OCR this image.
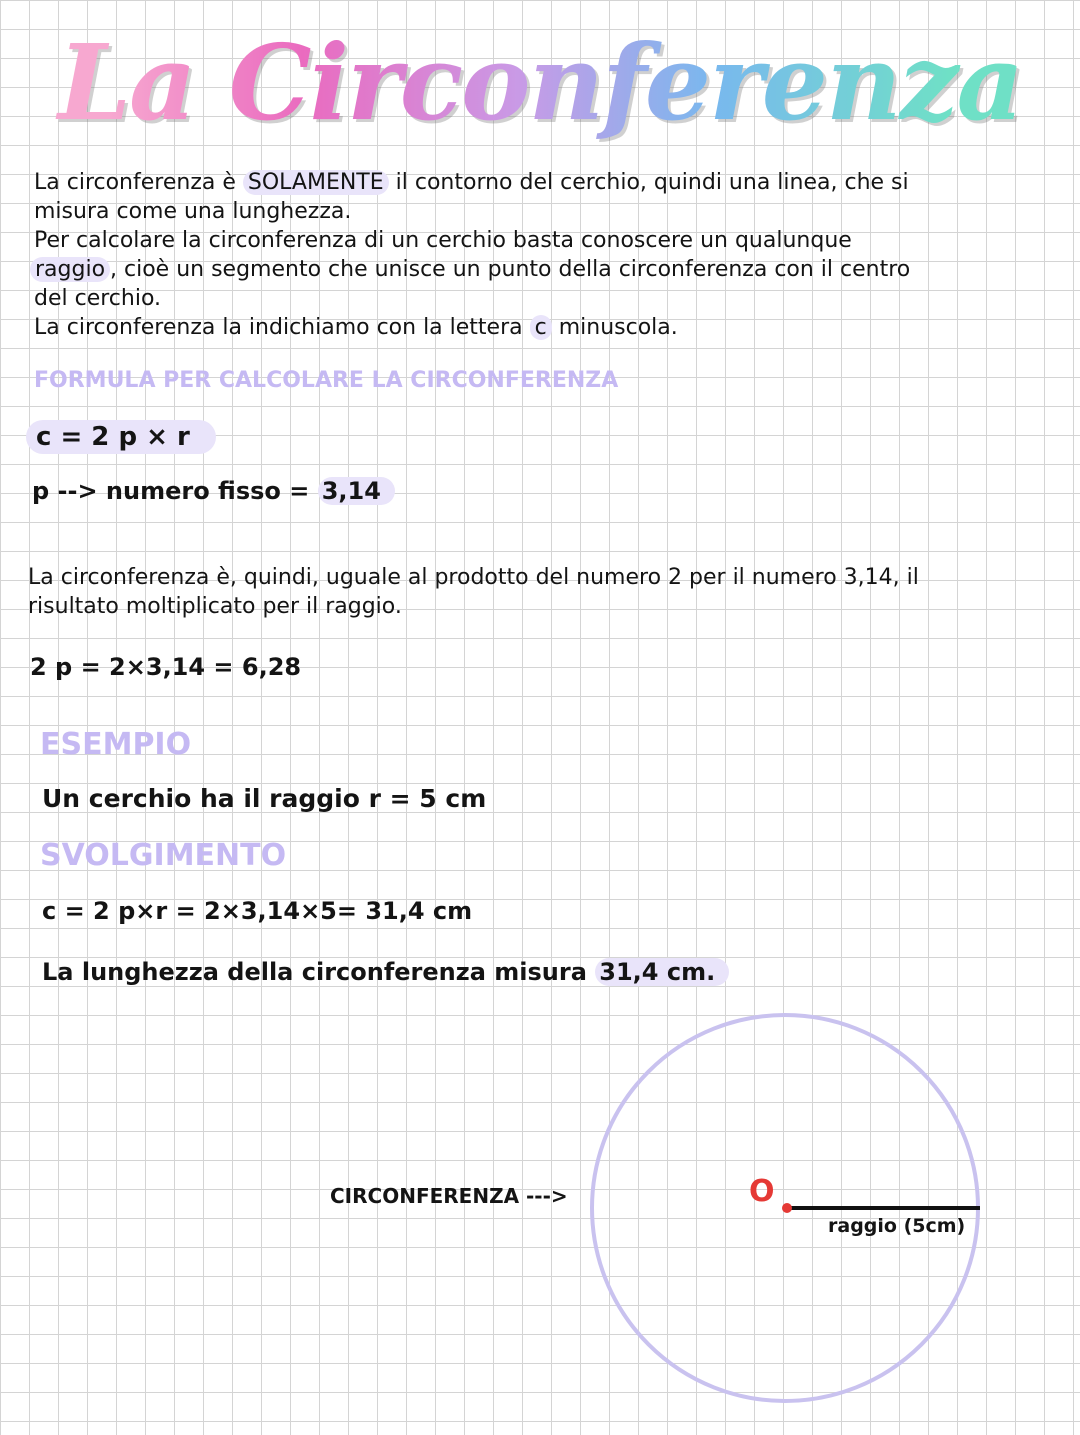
La Circonferenza
La circonferenza è SOLAMENTE il contorno del cerchio, quindi una linea, che si
misura come una lunghezza.
Per calcolare la circonferenza di un cerchio basta conoscere un qualunque
raggio , cioè un segmento che unisce un punto della circonferenza con il centro
del cerchio.
La circonferenza la indichiamo con la lettera c minuscola.
FORMULA PER CALCOLARE LA CIRCONFERENZA
c = 2 p × r
p --> numero fisso = 3,14
La circonferenza è, quindi, uguale al prodotto del numero 2 per il numero 3,14, il
risultato moltiplicato per il raggio.
2 p = 2×3,14 = 6,28
ESEMPIO
Un cerchio ha il raggio r = 5 cm
SVOLGIMENTO
c = 2 p×r = 2×3,14×5= 31,4 cm
La lunghezza della circonferenza misura 31,4 cm.
O
raggio (5cm)
CIRCONFERENZA --->
